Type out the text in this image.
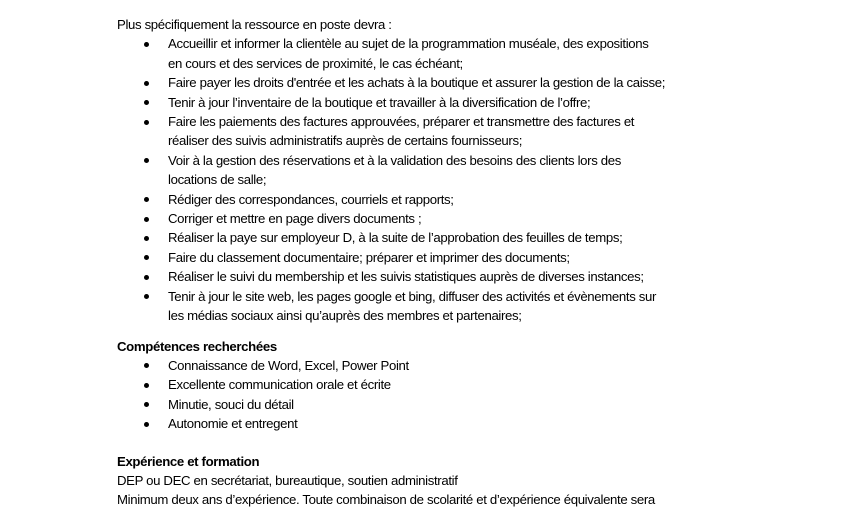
Plus spécifiquement la ressource en poste devra :

Accueillir et informer la clientèle au sujet de la programmation muséale, des expositions
en cours et des services de proximité, le cas échéant;
Faire payer les droits d'entrée et les achats à la boutique et assurer la gestion de la caisse;
Tenir à jour l’inventaire de la boutique et travailler à la diversification de l’offre;
Faire les paiements des factures approuvées, préparer et transmettre des factures et
réaliser des suivis administratifs auprès de certains fournisseurs;
Voir à la gestion des réservations et à la validation des besoins des clients lors des
locations de salle;
Rédiger des correspondances, courriels et rapports;
Corriger et mettre en page divers documents ;
Réaliser la paye sur employeur D, à la suite de l’approbation des feuilles de temps;
Faire du classement documentaire; préparer et imprimer des documents;
Réaliser le suivi du membership et les suivis statistiques auprès de diverses instances;
Tenir à jour le site web, les pages google et bing, diffuser des activités et évènements sur
les médias sociaux ainsi qu’auprès des membres et partenaires;

Compétences recherchées

Connaissance de Word, Excel, Power Point
Excellente communication orale et écrite
Minutie, souci du détail
Autonomie et entregent

Expérience et formation

DEP ou DEC en secrétariat, bureautique, soutien administratif

Minimum deux ans d’expérience. Toute combinaison de scolarité et d’expérience équivalente sera
